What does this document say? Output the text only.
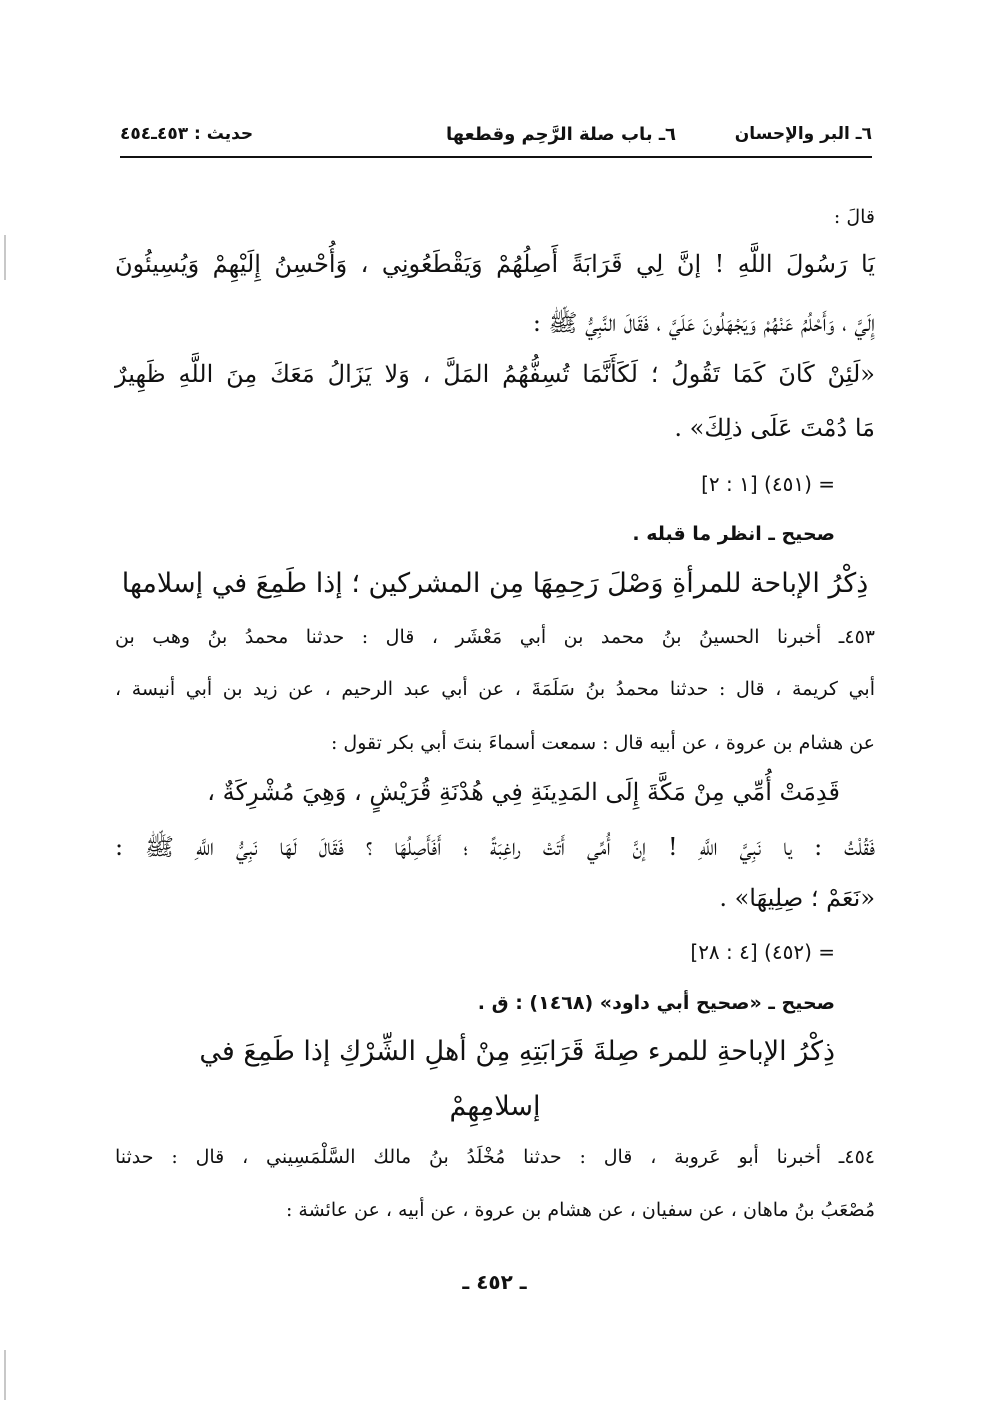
٦ـ البر والإحسان
٦ـ باب صلة الرَّحِم وقطعها
حديث : ٤٥٣ـ٤٥٤
قالَ :
يَا رَسُولَ اللَّهِ ! إنَّ لِي قَرَابَةً أَصِلُهُمْ وَيَقْطَعُونِي ، وَأُحْسِنُ إِلَيْهِمْ وَيُسِيئُونَ
إِلَيَّ ، وَأَحْلُمُ عَنْهُمْ وَيَجْهَلُونَ عَلَيَّ ، فَقَالَ النَّبِيُّ ﷺ :
«لَئِنْ كَانَ كَمَا تَقُولُ ؛ لَكَأَنَّمَا تُسِفُّهُمُ المَلَّ ، وَلا يَزَالُ مَعَكَ مِنَ اللَّهِ ظَهِيرٌ
مَا دُمْتَ عَلَى ذلِكَ» .
= (٤٥١) [١ : ٢]
صحيح ـ انظر ما قبله .
ذِكْرُ الإباحة للمرأةِ وَصْلَ رَحِمِهَا مِن المشركين ؛ إذا طَمِعَ في إسلامها
٤٥٣ـ أخبرنا الحسينُ بنُ محمد بن أبي مَعْشَر ، قال : حدثنا محمدُ بنُ وهب بن
أبي كريمة ، قال : حدثنا محمدُ بنُ سَلَمَةَ ، عن أبي عبد الرحيم ، عن زيد بن أبي أنيسة ،
عن هشام بن عروة ، عن أبيه قال : سمعت أسماءَ بنتَ أبي بكر تقول :
قَدِمَتْ أُمِّي مِنْ مَكَّةَ إِلَى المَدِينَةِ فِي هُدْنَةِ قُرَيْشٍ ، وَهِيَ مُشْرِكَةٌ ،
فَقُلْتُ : يا نَبِيَّ اللَّهِ ! إنَّ أُمِّي أَتَتْ راغِبَةً ؛ أَفَأَصِلُهَا ؟ فَقَالَ لَهَا نَبِيُّ اللَّهِ ﷺ :
«نَعَمْ ؛ صِلِيهَا» .
= (٤٥٢) [٤ : ٢٨]
صحيح ـ «صحيح أبي داود» (١٤٦٨) : ق .
ذِكْرُ الإباحةِ للمرء صِلةَ قَرَابَتِهِ مِنْ أهلِ الشِّرْكِ إذا طَمِعَ في
إسلامِهِمْ
٤٥٤ـ أخبرنا أبو عَروبة ، قال : حدثنا مُخْلَدُ بنُ مالك السَّلْمَسِيني ، قال : حدثنا
مُصْعَبُ بنُ ماهان ، عن سفيان ، عن هشام بن عروة ، عن أبيه ، عن عائشة :
ـ ٤٥٢ ـ
